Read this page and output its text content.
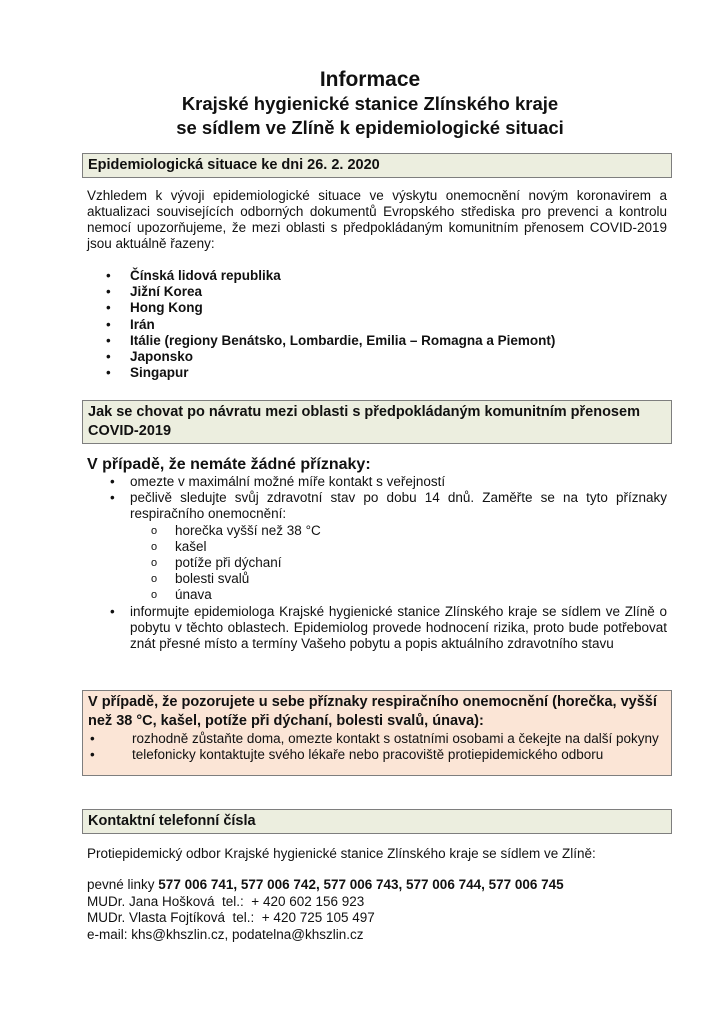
Informace

Krajské hygienické stanice Zlínského kraje

se sídlem ve Zlíně k epidemiologické situaci

Epidemiologická situace ke dni 26. 2. 2020

Vzhledem k vývoji epidemiologické situace ve výskytu onemocnění novým koronavirem a aktualizaci souvisejících odborných dokumentů Evropského střediska pro prevenci a kontrolu nemocí upozorňujeme, že mezi oblasti s předpokládaným komunitním přenosem COVID-2019 jsou aktuálně řazeny:

• Čínská lidová republika
• Jižní Korea
• Hong Kong
• Irán
• Itálie (regiony Benátsko, Lombardie, Emilia – Romagna a Piemont)
• Japonsko
• Singapur
Jak se chovat po návratu mezi oblasti s předpokládaným komunitním přenosem COVID-2019

V případě, že nemáte žádné příznaky:

• omezte v maximální možné míře kontakt s veřejností
• pečlivě sledujte svůj zdravotní stav po dobu 14 dnů. Zaměřte se na tyto příznaky respiračního onemocnění:
o horečka vyšší než 38 °C
o kašel
o potíže při dýchaní
o bolesti svalů
o únava
• informujte epidemiologa Krajské hygienické stanice Zlínského kraje se sídlem ve Zlíně o pobytu v těchto oblastech. Epidemiolog provede hodnocení rizika, proto bude potřebovat znát přesné místo a termíny Vašeho pobytu a popis aktuálního zdravotního stavu

V případě, že pozorujete u sebe příznaky respiračního onemocnění (horečka, vyšší než 38 °C, kašel, potíže při dýchaní, bolesti svalů, únava):

• rozhodně zůstaňte doma, omezte kontakt s ostatními osobami a čekejte na další pokyny
• telefonicky kontaktujte svého lékaře nebo pracoviště protiepidemického odboru
Kontaktní telefonní čísla

Protiepidemický odbor Krajské hygienické stanice Zlínského kraje se sídlem ve Zlíně:

pevné linky 577 006 741, 577 006 742, 577 006 743, 577 006 744, 577 006 745
MUDr. Jana Hošková  tel.:  + 420 602 156 923
MUDr. Vlasta Fojtíková  tel.:  + 420 725 105 497
e-mail: khs@khszlin.cz, podatelna@khszlin.cz
